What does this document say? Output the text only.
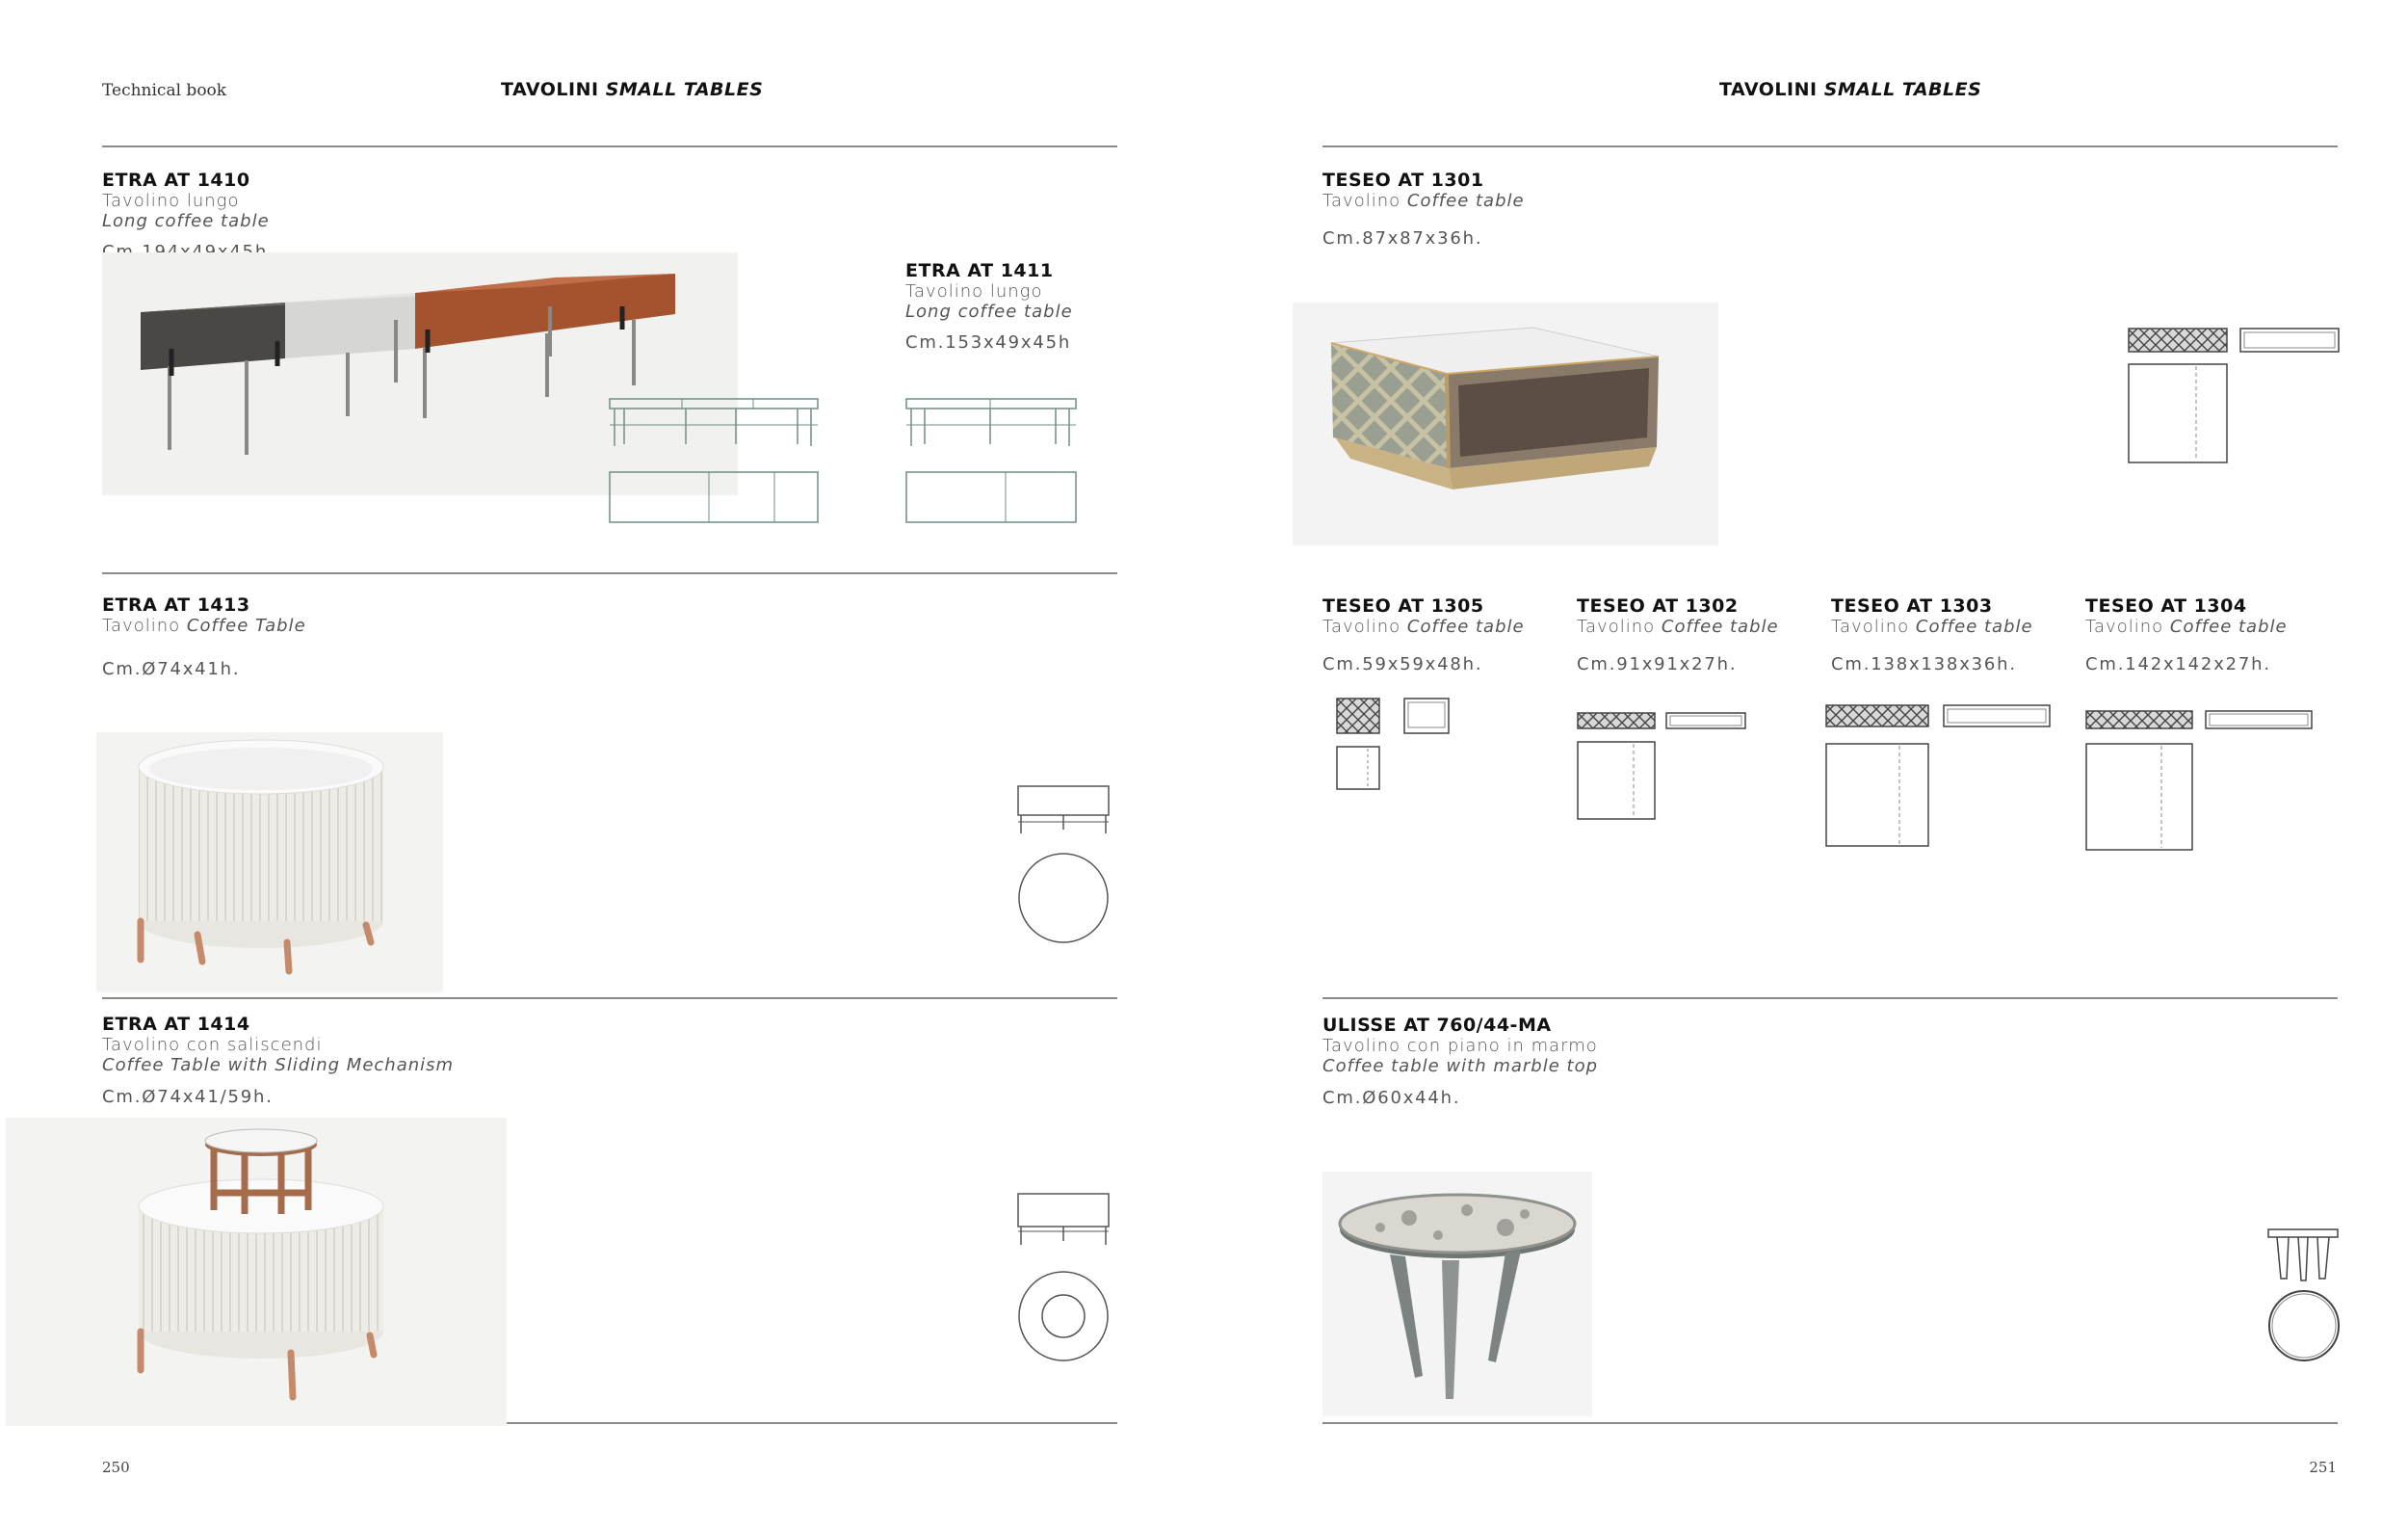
Technical book	TAVOLINI SMALL TABLES	TAVOLINI SMALL TABLES
ETRA AT 1410
Tavolino lungo
Long coffee table
ETRA AT 1411
Tavolino lungo
Long coffee table
Cm.153x49x45h
ETRA AT 1413
Tavolino Coffee Table
Cm.Ø74x41h.
ETRA AT 1414
Tavolino con saliscendi
Coffee Table with Sliding Mechanism
Cm.Ø74x41/59h.
250
TESEO AT 1301
Tavolino Coffee table
Cm.87x87x36h.
TESEO AT 1305
Tavolino Coffee table
Cm.59x59x48h.
TESEO AT 1302
Tavolino Coffee table
Cm.91x91x27h.
TESEO AT 1303
Tavolino Coffee table
Cm.138x138x36h.
TESEO AT 1304
Tavolino Coffee table
Cm.142x142x27h.
ULISSE AT 760/44-MA
Tavolino con piano in marmo
Coffee table with marble top
Cm.Ø60x44h.
251
